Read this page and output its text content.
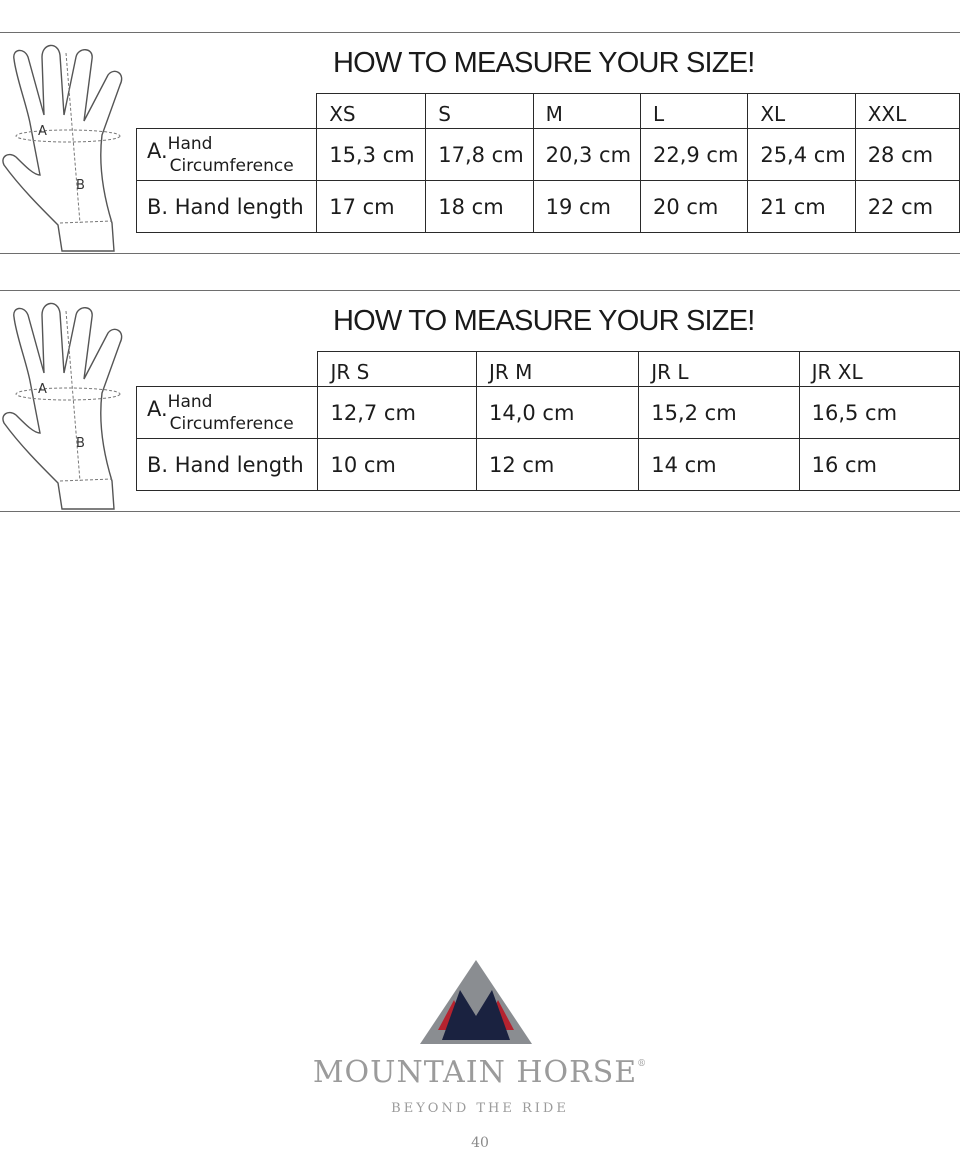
A
B
HOW TO MEASURE YOUR SIZE!
	XS	S	M	L	XL	XXL

A. Hand
Circumference	15,3 cm	17,8 cm	20,3 cm	22,9 cm	25,4 cm	28 cm
B. Hand length	17 cm	18 cm	19 cm	20 cm	21 cm	22 cm
A
B
HOW TO MEASURE YOUR SIZE!
	JR S	JR M	JR L	JR XL

A. Hand
Circumference	12,7 cm	14,0 cm	15,2 cm	16,5 cm
B. Hand length	10 cm	12 cm	14 cm	16 cm
MOUNTAIN HORSE®
BEYOND THE RIDE
40
